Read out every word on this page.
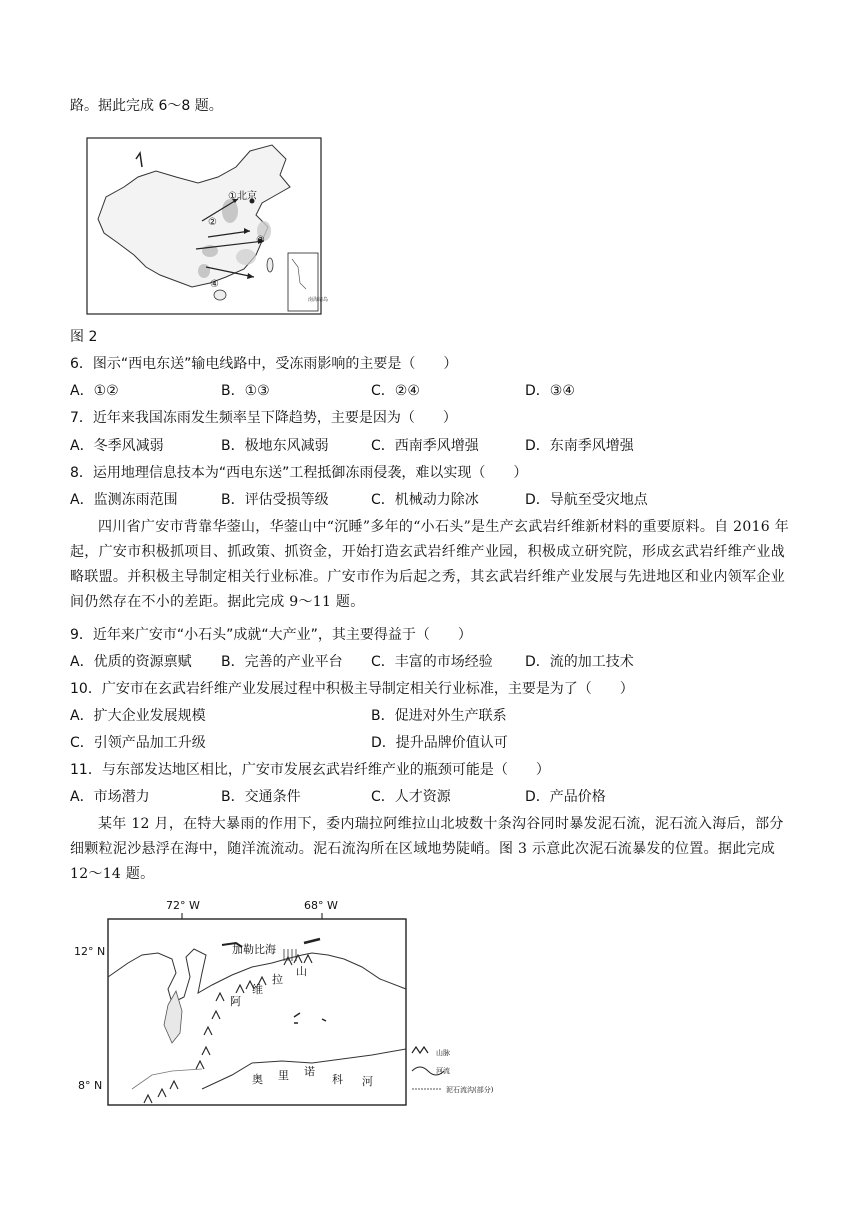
路。据此完成 6～8 题。
南海诸岛
①北京
②
③
④
图 2
6．图示“西电东送”输电线路中，受冻雨影响的主要是（　　）
A．①②	B．①③	C．②④	D．③④
7．近年来我国冻雨发生频率呈下降趋势，主要是因为（　　）
A．冬季风减弱	B．极地东风减弱	C．西南季风增强	D．东南季风增强
8．运用地理信息技本为“西电东送”工程抵御冻雨侵袭，难以实现（　　）
A．监测冻雨范围	B．评估受损等级	C．机械动力除冰	D．导航至受灾地点
四川省广安市背靠华蓥山，华蓥山中“沉睡”多年的“小石头”是生产玄武岩纤维新材料的重要原料。自 2016 年起，广安市积极抓项目、抓政策、抓资金，开始打造玄武岩纤维产业园，积极成立研究院，形成玄武岩纤维产业战略联盟。并积极主导制定相关行业标准。广安市作为后起之秀，其玄武岩纤维产业发展与先进地区和业内领军企业间仍然存在不小的差距。据此完成 9～11 题。
9．近年来广安市“小石头”成就“大产业”，其主要得益于（　　）
A．优质的资源禀赋 B．完善的产业平台 C．丰富的市场经验 D．流的加工技术
10．广安市在玄武岩纤维产业发展过程中积极主导制定相关行业标准，主要是为了（　　）
A．扩大企业发展规模	B．促进对外生产联系
C．引领产品加工升级	D．提升品牌价值认可
11．与东部发达地区相比，广安市发展玄武岩纤维产业的瓶颈可能是（　　）
A．市场潜力	B．交通条件	C．人才资源	D．产品价格
某年 12 月，在特大暴雨的作用下，委内瑞拉阿维拉山北坡数十条沟谷同时暴发泥石流，泥石流入海后，部分细颗粒泥沙悬浮在海中，随洋流流动。泥石流沟所在区域地势陡峭。图 3 示意此次泥石流暴发的位置。据此完成 12～14 题。
72° W	68° W
12° N
8° N
加勒比海
阿
维
拉
山
奥 里 诺
科 河
山脉
河流
泥石流沟(部分)
